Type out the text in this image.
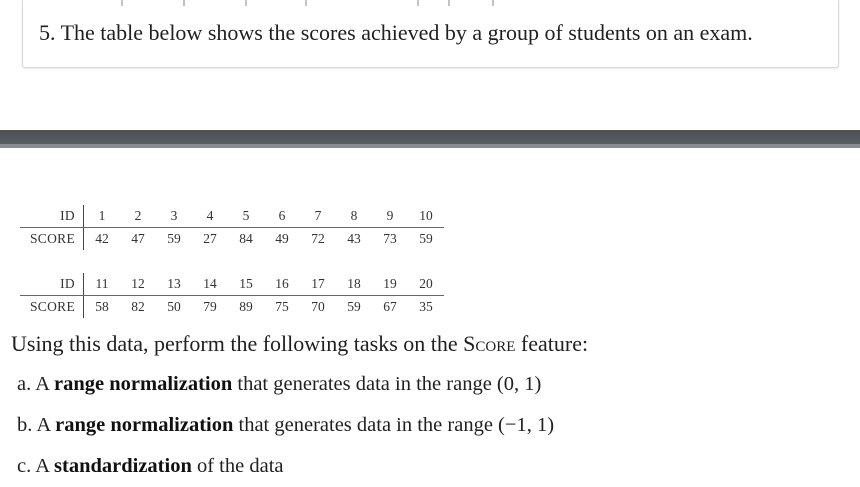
5. The table below shows the scores achieved by a group of students on an exam.
ID	1	2	3	4	5	6	7	8	9	10
SCORE	42	47	59	27	84	49	72	43	73	59
ID	11	12	13	14	15	16	17	18	19	20
SCORE	58	82	50	79	89	75	70	59	67	35

Using this data, perform the following tasks on the Score feature:

a. A range normalization that generates data in the range (0, 1)

b. A range normalization that generates data in the range (−1, 1)

c. A standardization of the data
